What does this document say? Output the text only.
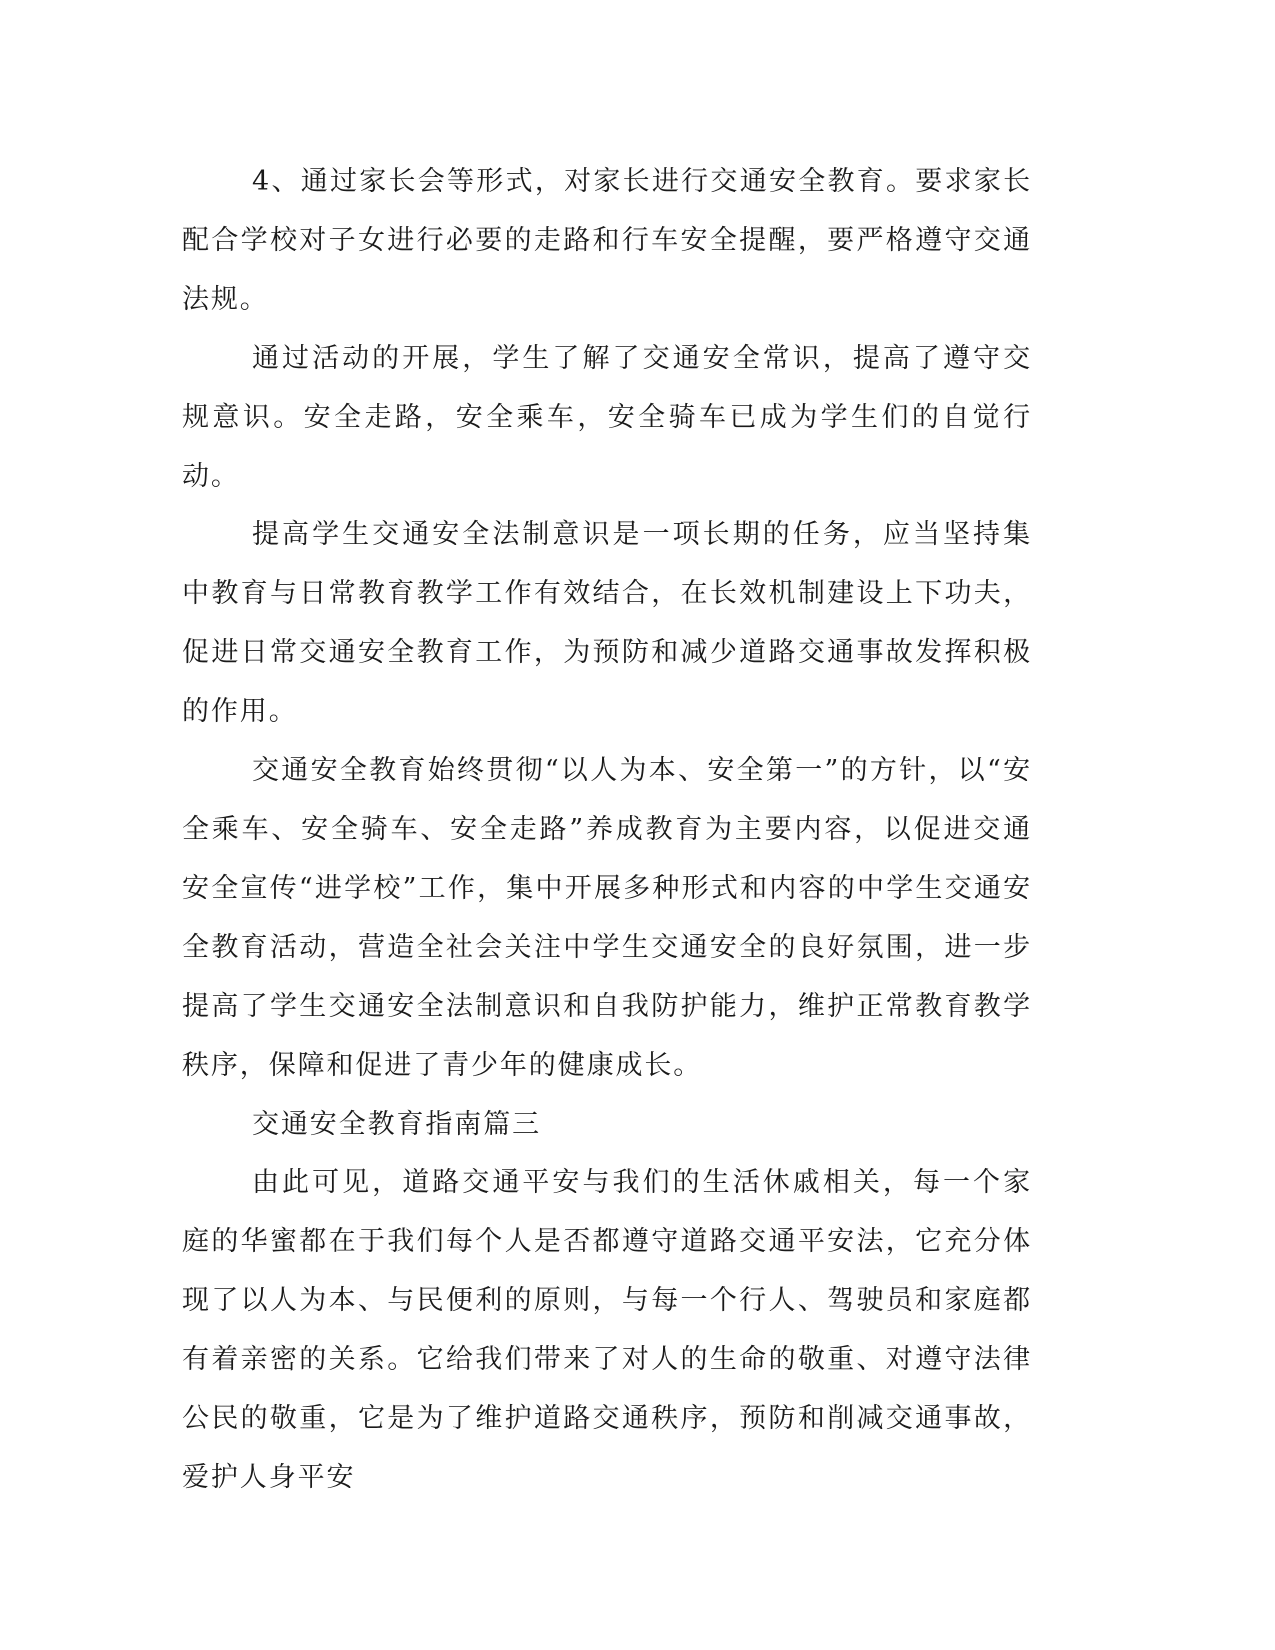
4、通过家长会等形式，对家长进行交通安全教育。要求家长配合学校对子女进行必要的走路和行车安全提醒，要严格遵守交通法规。

通过活动的开展，学生了解了交通安全常识，提高了遵守交规意识。安全走路，安全乘车，安全骑车已成为学生们的自觉行动。

提高学生交通安全法制意识是一项长期的任务，应当坚持集中教育与日常教育教学工作有效结合，在长效机制建设上下功夫，促进日常交通安全教育工作，为预防和减少道路交通事故发挥积极的作用。

交通安全教育始终贯彻“以人为本、安全第一”的方针，以“安全乘车、安全骑车、安全走路”养成教育为主要内容，以促进交通安全宣传“进学校”工作，集中开展多种形式和内容的中学生交通安全教育活动，营造全社会关注中学生交通安全的良好氛围，进一步提高了学生交通安全法制意识和自我防护能力，维护正常教育教学秩序，保障和促进了青少年的健康成长。

交通安全教育指南篇三

由此可见，道路交通平安与我们的生活休戚相关，每一个家庭的华蜜都在于我们每个人是否都遵守道路交通平安法，它充分体现了以人为本、与民便利的原则，与每一个行人、驾驶员和家庭都有着亲密的关系。它给我们带来了对人的生命的敬重、对遵守法律公民的敬重，它是为了维护道路交通秩序，预防和削减交通事故，爱护人身平安
